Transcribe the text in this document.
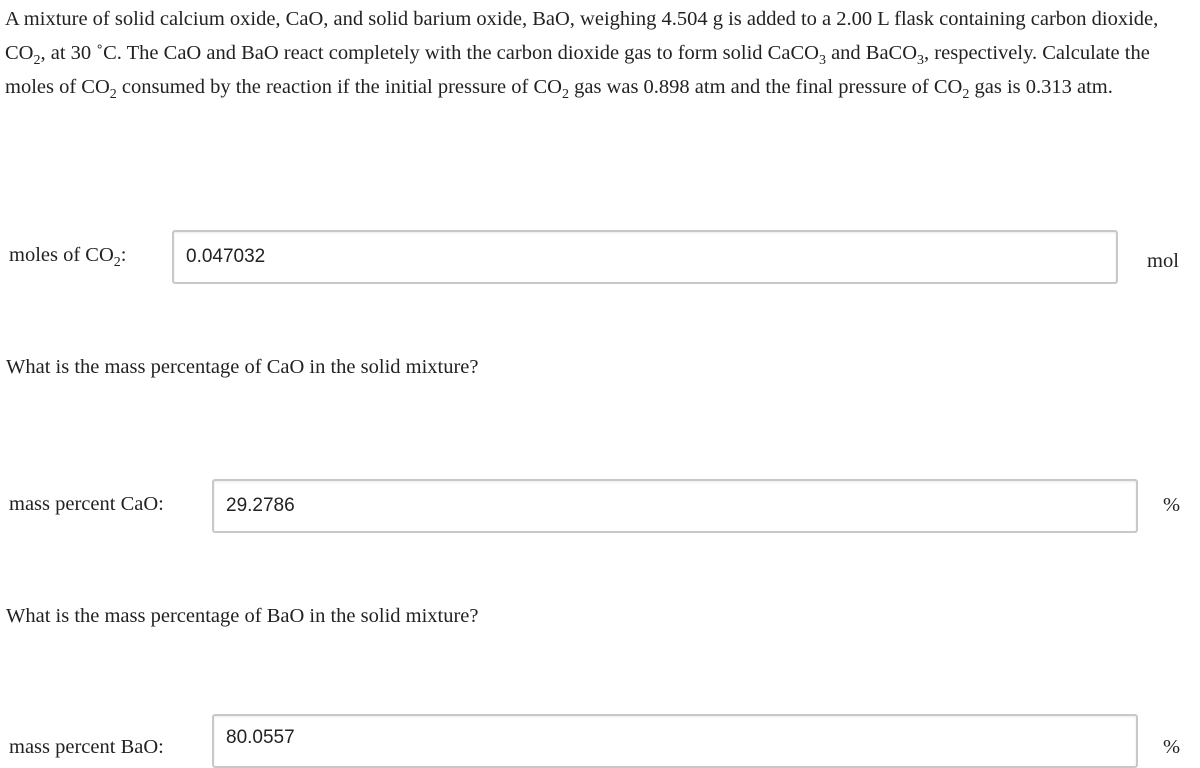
A mixture of solid calcium oxide, CaO, and solid barium oxide, BaO, weighing 4.504 g is added to a 2.00 L flask containing carbon dioxide, $CO_2$, at 30 ˚C. The CaO and BaO react completely with the carbon dioxide gas to form solid CaCO$_3$ and BaCO$_3$, respectively. Calculate the moles of $CO_2$ consumed by the reaction if the initial pressure of $CO_2$ gas was 0.898 atm and the final pressure of $CO_2$ gas is 0.313 atm.

moles of $CO_2$:
0.047032	mol

What is the mass percentage of CaO in the solid mixture?

mass percent CaO:
29.2786	%

What is the mass percentage of BaO in the solid mixture?

mass percent BaO:
80.0557	%
